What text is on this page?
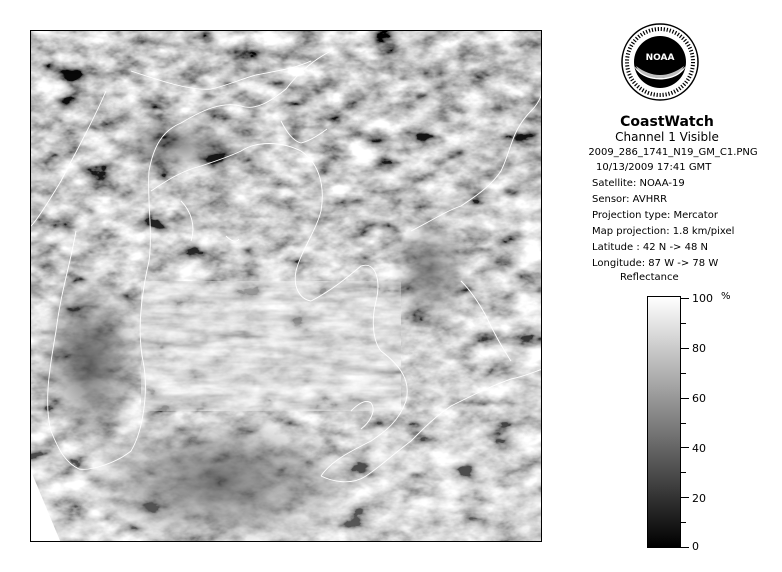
NOAA
CoastWatch
Channel 1 Visible
2009_286_1741_N19_GM_C1.PNG
10/13/2009 17:41 GMT
Satellite: NOAA-19
Sensor: AVHRR
Projection type: Mercator
Map projection: 1.8 km/pixel
Latitude : 42 N -> 48 N
Longitude: 87 W -> 78 W
Reflectance
%
100
80
60
40
20
0
